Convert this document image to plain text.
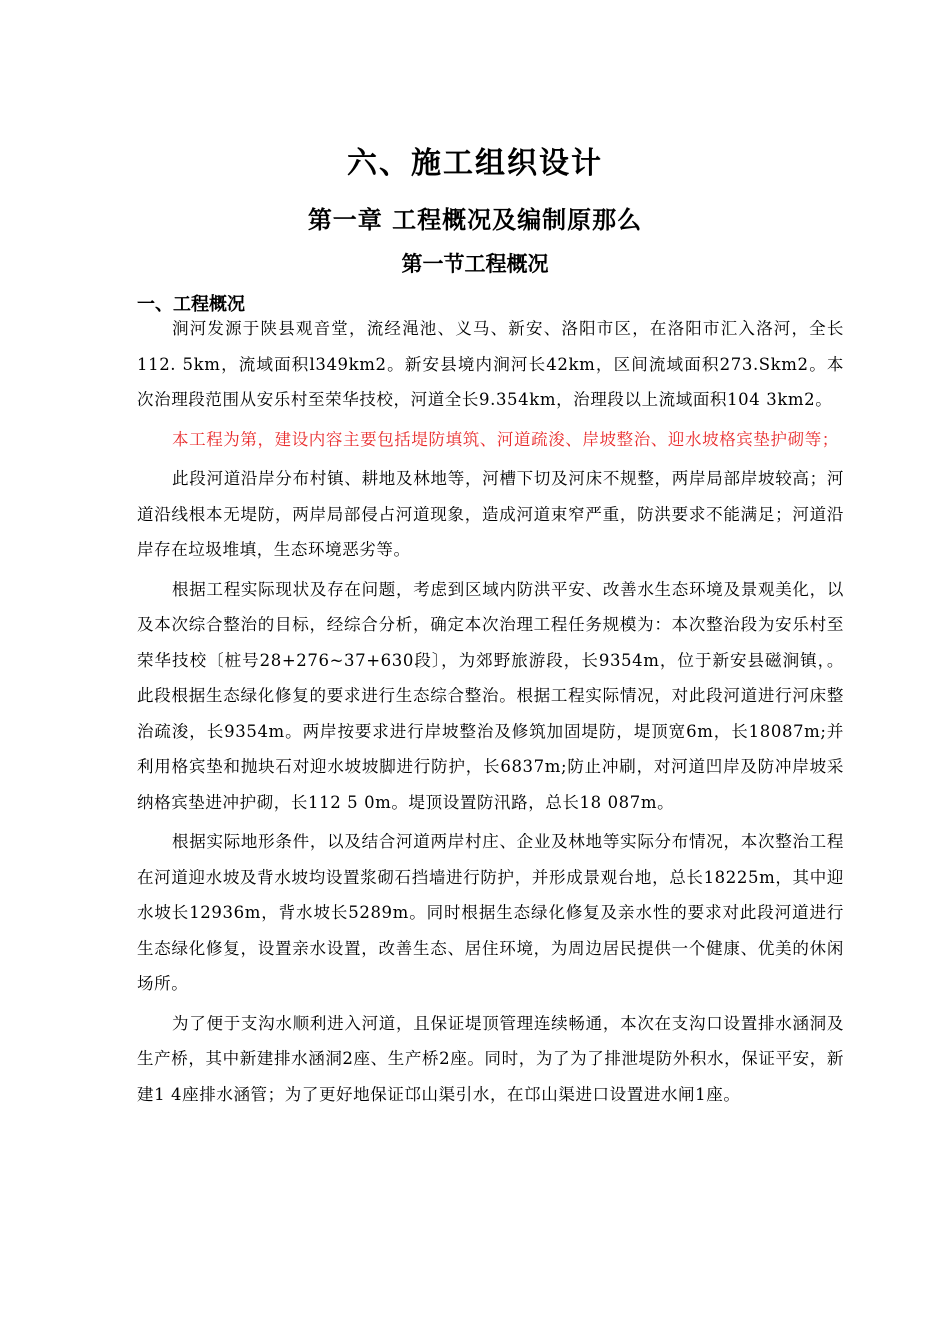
六、施工组织设计
第一章 工程概况及编制原那么
第一节工程概况
一、工程概况

涧河发源于陕县观音堂，流经渑池、义马、新安、洛阳市区，在洛阳市汇入洛河，全长112. 5km，流域面积l349km2。新安县境内涧河长42km，区间流域面积273.Skm2。本次治理段范围从安乐村至荣华技校，河道全长9.354km，治理段以上流域面积104 3km2。

本工程为第，建设内容主要包括堤防填筑、河道疏浚、岸坡整治、迎水坡格宾垫护砌等；

此段河道沿岸分布村镇、耕地及林地等，河槽下切及河床不规整，两岸局部岸坡较高；河道沿线根本无堤防，两岸局部侵占河道现象，造成河道束窄严重，防洪要求不能满足；河道沿岸存在垃圾堆填，生态环境恶劣等。

根据工程实际现状及存在问题，考虑到区域内防洪平安、改善水生态环境及景观美化，以及本次综合整治的目标，经综合分析，确定本次治理工程任务规模为：本次整治段为安乐村至荣华技校〔桩号28+276~37+630段〕，为郊野旅游段，长9354m，位于新安县磁涧镇，。此段根据生态绿化修复的要求进行生态综合整治。根据工程实际情况，对此段河道进行河床整治疏浚，长9354m。两岸按要求进行岸坡整治及修筑加固堤防，堤顶宽6m，长18087m;并利用格宾垫和抛块石对迎水坡坡脚进行防护，长6837m;防止冲刷，对河道凹岸及防冲岸坡采纳格宾垫进冲护砌，长112 5 0m。堤顶设置防汛路，总长18 087m。

根据实际地形条件，以及结合河道两岸村庄、企业及林地等实际分布情况，本次整治工程在河道迎水坡及背水坡均设置浆砌石挡墙进行防护，并形成景观台地，总长18225m，其中迎水坡长12936m，背水坡长5289m。同时根据生态绿化修复及亲水性的要求对此段河道进行生态绿化修复，设置亲水设置，改善生态、居住环境，为周边居民提供一个健康、优美的休闲场所。

为了便于支沟水顺利进入河道，且保证堤顶管理连续畅通，本次在支沟口设置排水涵洞及生产桥，其中新建排水涵洞2座、生产桥2座。同时，为了为了排泄堤防外积水，保证平安，新建1 4座排水涵管；为了更好地保证邙山渠引水，在邙山渠进口设置进水闸1座。
